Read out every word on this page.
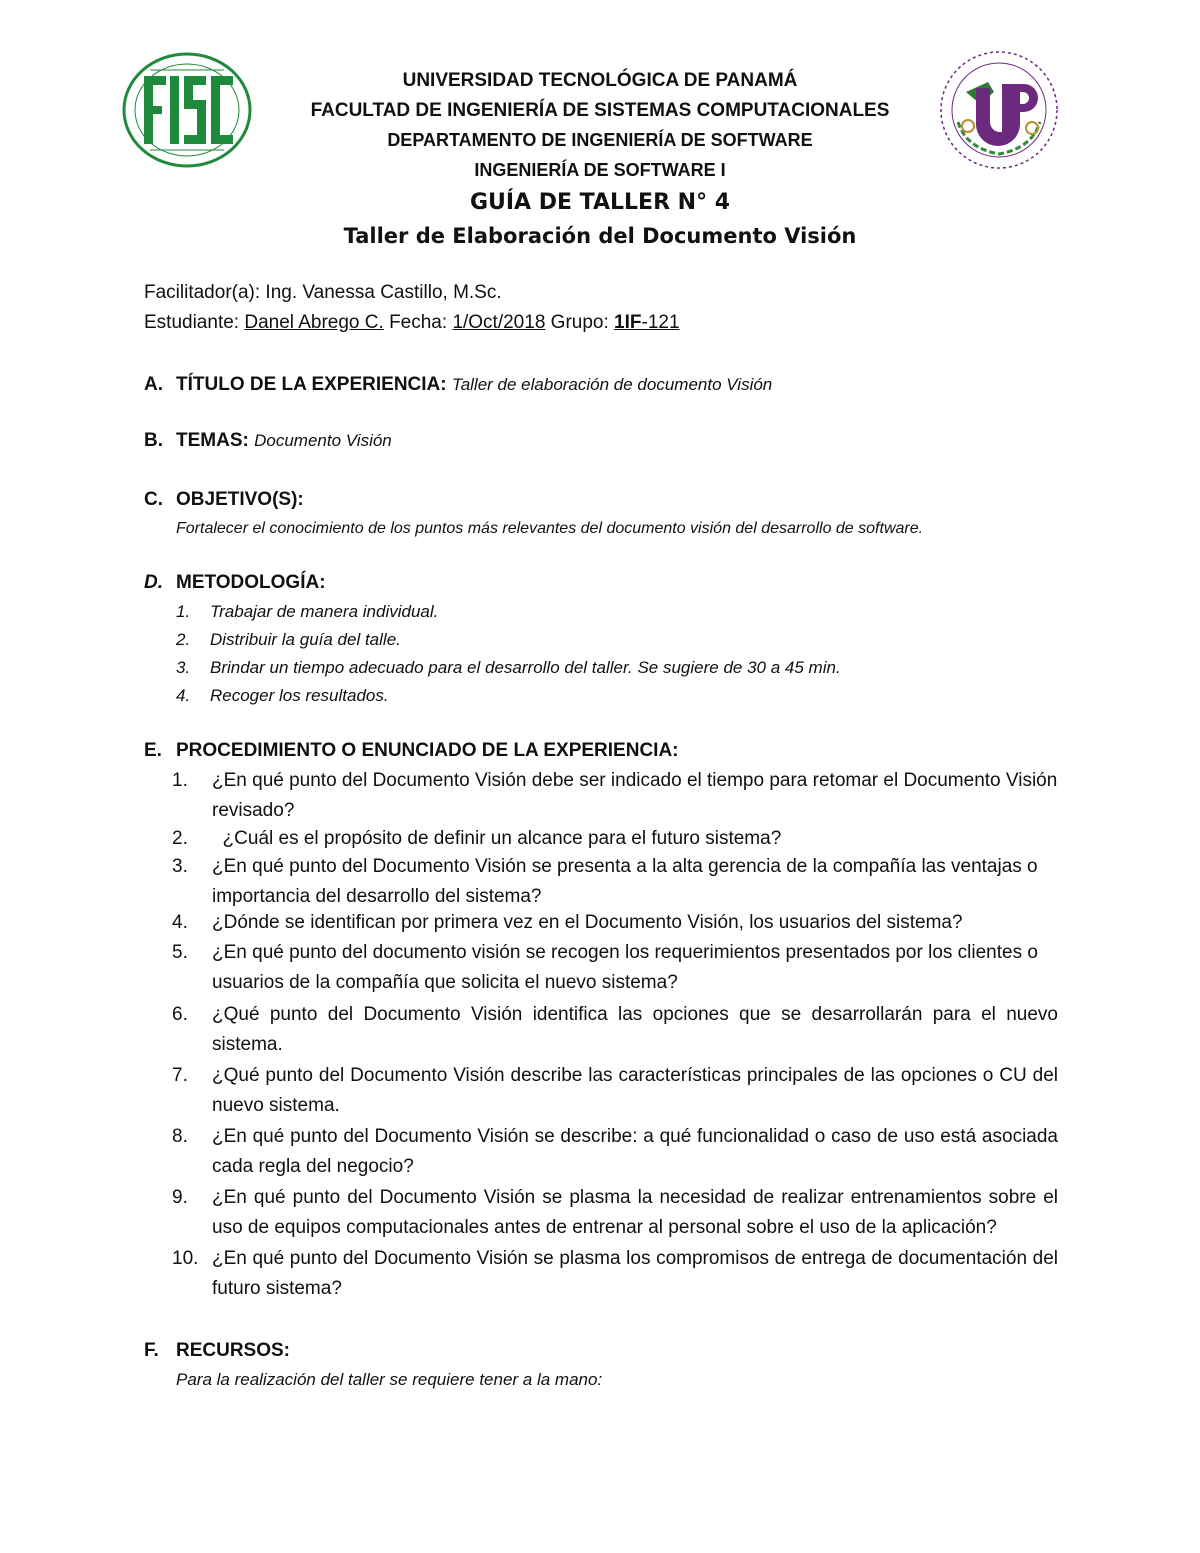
UNIVERSIDAD TECNOLÓGICA DE PANAMÁ
FACULTAD DE INGENIERÍA DE SISTEMAS COMPUTACIONALES
DEPARTAMENTO DE INGENIERÍA DE SOFTWARE
INGENIERÍA DE SOFTWARE I
GUÍA DE TALLER N° 4
Taller de Elaboración del Documento Visión
Facilitador(a): Ing. Vanessa Castillo, M.Sc.
Estudiante: Danel Abrego C. Fecha: 1/Oct/2018 Grupo: 1IF-121
A. TÍTULO DE LA EXPERIENCIA: Taller de elaboración de documento Visión
B. TEMAS: Documento Visión
C. OBJETIVO(S):
Fortalecer el conocimiento de los puntos más relevantes del documento visión del desarrollo de software.
D. METODOLOGÍA:
1. Trabajar de manera individual.
2. Distribuir la guía del talle.
3. Brindar un tiempo adecuado para el desarrollo del taller. Se sugiere de 30 a 45 min.
4. Recoger los resultados.
E. PROCEDIMIENTO O ENUNCIADO DE LA EXPERIENCIA:
1. ¿En qué punto del Documento Visión debe ser indicado el tiempo para retomar el Documento Visión revisado?
2. ¿Cuál es el propósito de definir un alcance para el futuro sistema?
3. ¿En qué punto del Documento Visión se presenta a la alta gerencia de la compañía las ventajas o importancia del desarrollo del sistema?
4. ¿Dónde se identifican por primera vez en el Documento Visión, los usuarios del sistema?
5. ¿En qué punto del documento visión se recogen los requerimientos presentados por los clientes o usuarios de la compañía que solicita el nuevo sistema?
6. ¿Qué punto del Documento Visión identifica las opciones que se desarrollarán para el nuevo sistema.
7. ¿Qué punto del Documento Visión describe las características principales de las opciones o CU del nuevo sistema.
8. ¿En qué punto del Documento Visión se describe: a qué funcionalidad o caso de uso está asociada cada regla del negocio?
9. ¿En qué punto del Documento Visión se plasma la necesidad de realizar entrenamientos sobre el uso de equipos computacionales antes de entrenar al personal sobre el uso de la aplicación?
10. ¿En qué punto del Documento Visión se plasma los compromisos de entrega de documentación del futuro sistema?
F. RECURSOS:
Para la realización del taller se requiere tener a la mano:
